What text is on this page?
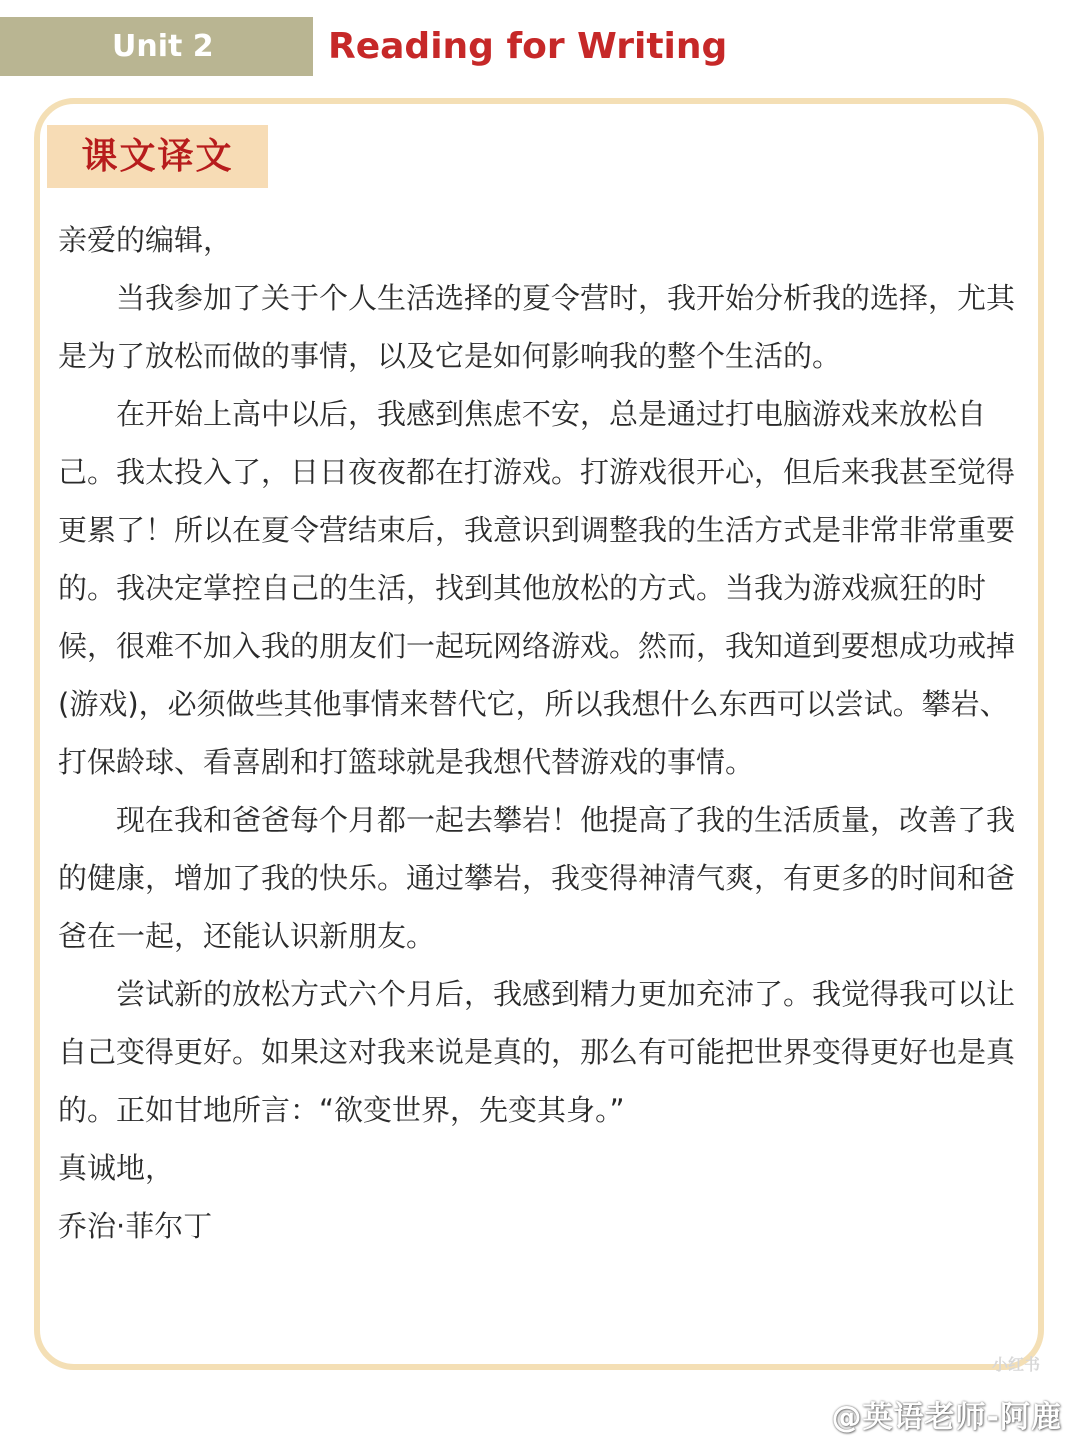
Unit 2	Reading for Writing
课文译文

亲爱的编辑，

当我参加了关于个人生活选择的夏令营时，我开始分析我的选择，尤其是为了放松而做的事情，以及它是如何影响我的整个生活的。

在开始上高中以后，我感到焦虑不安，总是通过打电脑游戏来放松自己。我太投入了，日日夜夜都在打游戏。打游戏很开心，但后来我甚至觉得更累了！所以在夏令营结束后，我意识到调整我的生活方式是非常非常重要的。我决定掌控自己的生活，找到其他放松的方式。当我为游戏疯狂的时候，很难不加入我的朋友们一起玩网络游戏。然而，我知道到要想成功戒掉(游戏)，必须做些其他事情来替代它，所以我想什么东西可以尝试。攀岩、打保龄球、看喜剧和打篮球就是我想代替游戏的事情。

现在我和爸爸每个月都一起去攀岩！他提高了我的生活质量，改善了我的健康，增加了我的快乐。通过攀岩，我变得神清气爽，有更多的时间和爸爸在一起，还能认识新朋友。

尝试新的放松方式六个月后，我感到精力更加充沛了。我觉得我可以让自己变得更好。如果这对我来说是真的，那么有可能把世界变得更好也是真的。正如甘地所言：“欲变世界，先变其身。”

真诚地，

乔治·菲尔丁

小红书
@英语老师-阿鹿
